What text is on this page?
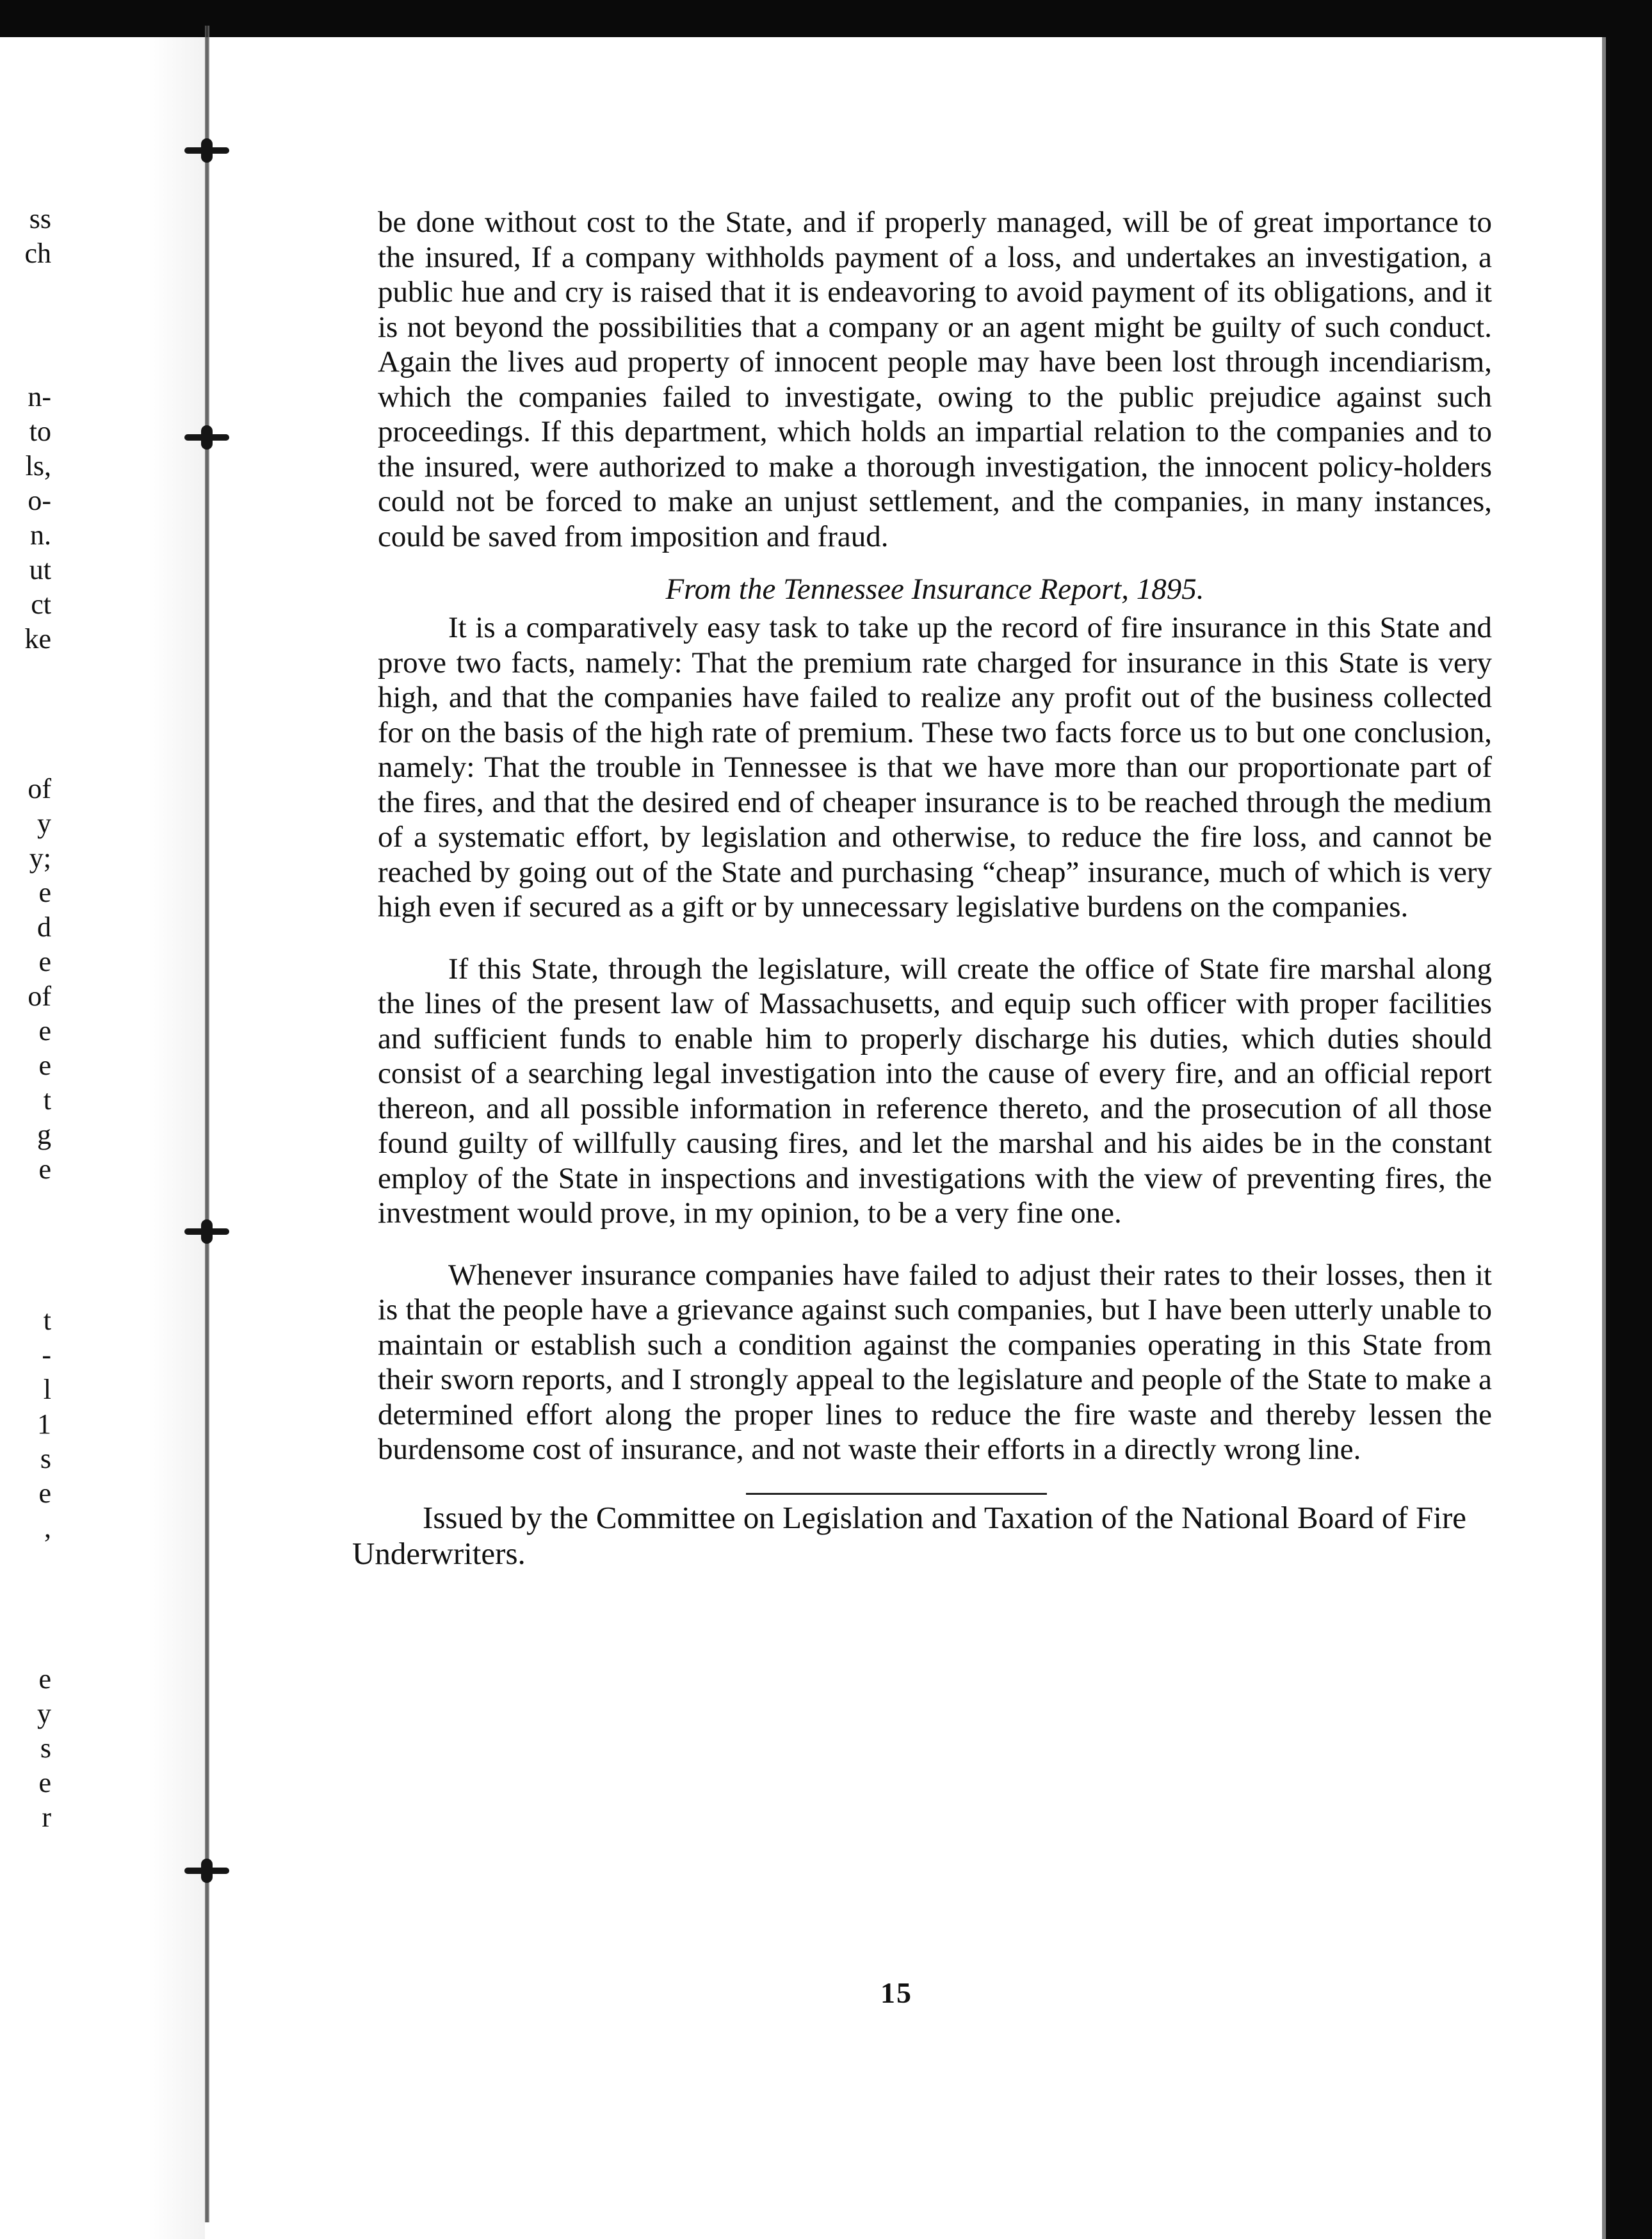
ss
ch
n-
to
ls,
o-
n.
ut
ct
ke
of
y
y;
e
d
e
of
e
e
t
g
e
t
-
l
1
s
e
,
e
y
s
e
r

be done without cost to the State, and if properly managed, will be of great importance to the insured, If a company withholds payment of a loss, and undertakes an investigation, a public hue and cry is raised that it is endeavoring to avoid payment of its obligations, and it is not beyond the possibilities that a company or an agent might be guilty of such conduct. Again the lives aud property of innocent people may have been lost through incendiarism, which the companies failed to investigate, owing to the public prejudice against such proceedings. If this department, which holds an impartial relation to the companies and to the insured, were authorized to make a thorough investigation, the innocent policy-holders could not be forced to make an unjust settlement, and the companies, in many instances, could be saved from imposition and fraud.

From the Tennessee Insurance Report, 1895.

It is a comparatively easy task to take up the record of fire insurance in this State and prove two facts, namely: That the premium rate charged for insurance in this State is very high, and that the companies have failed to realize any profit out of the business collected for on the basis of the high rate of premium. These two facts force us to but one conclusion, namely: That the trouble in Tennessee is that we have more than our proportionate part of the fires, and that the desired end of cheaper insurance is to be reached through the medium of a systematic effort, by legislation and otherwise, to reduce the fire loss, and cannot be reached by going out of the State and purchasing “cheap” insurance, much of which is very high even if secured as a gift or by unnecessary legislative burdens on the companies.

If this State, through the legislature, will create the office of State fire marshal along the lines of the present law of Massachusetts, and equip such officer with proper facilities and sufficient funds to enable him to properly discharge his duties, which duties should consist of a searching legal investigation into the cause of every fire, and an official report thereon, and all possible information in reference thereto, and the prosecution of all those found guilty of willfully causing fires, and let the marshal and his aides be in the constant employ of the State in inspections and investigations with the view of preventing fires, the investment would prove, in my opinion, to be a very fine one.

Whenever insurance companies have failed to adjust their rates to their losses, then it is that the people have a grievance against such companies, but I have been utterly unable to maintain or establish such a condition against the companies operating in this State from their sworn reports, and I strongly appeal to the legislature and people of the State to make a determined effort along the proper lines to reduce the fire waste and thereby lessen the burdensome cost of insurance, and not waste their efforts in a directly wrong line.

Issued by the Committee on Legislation and Taxation of the National Board of Fire Underwriters.

15
